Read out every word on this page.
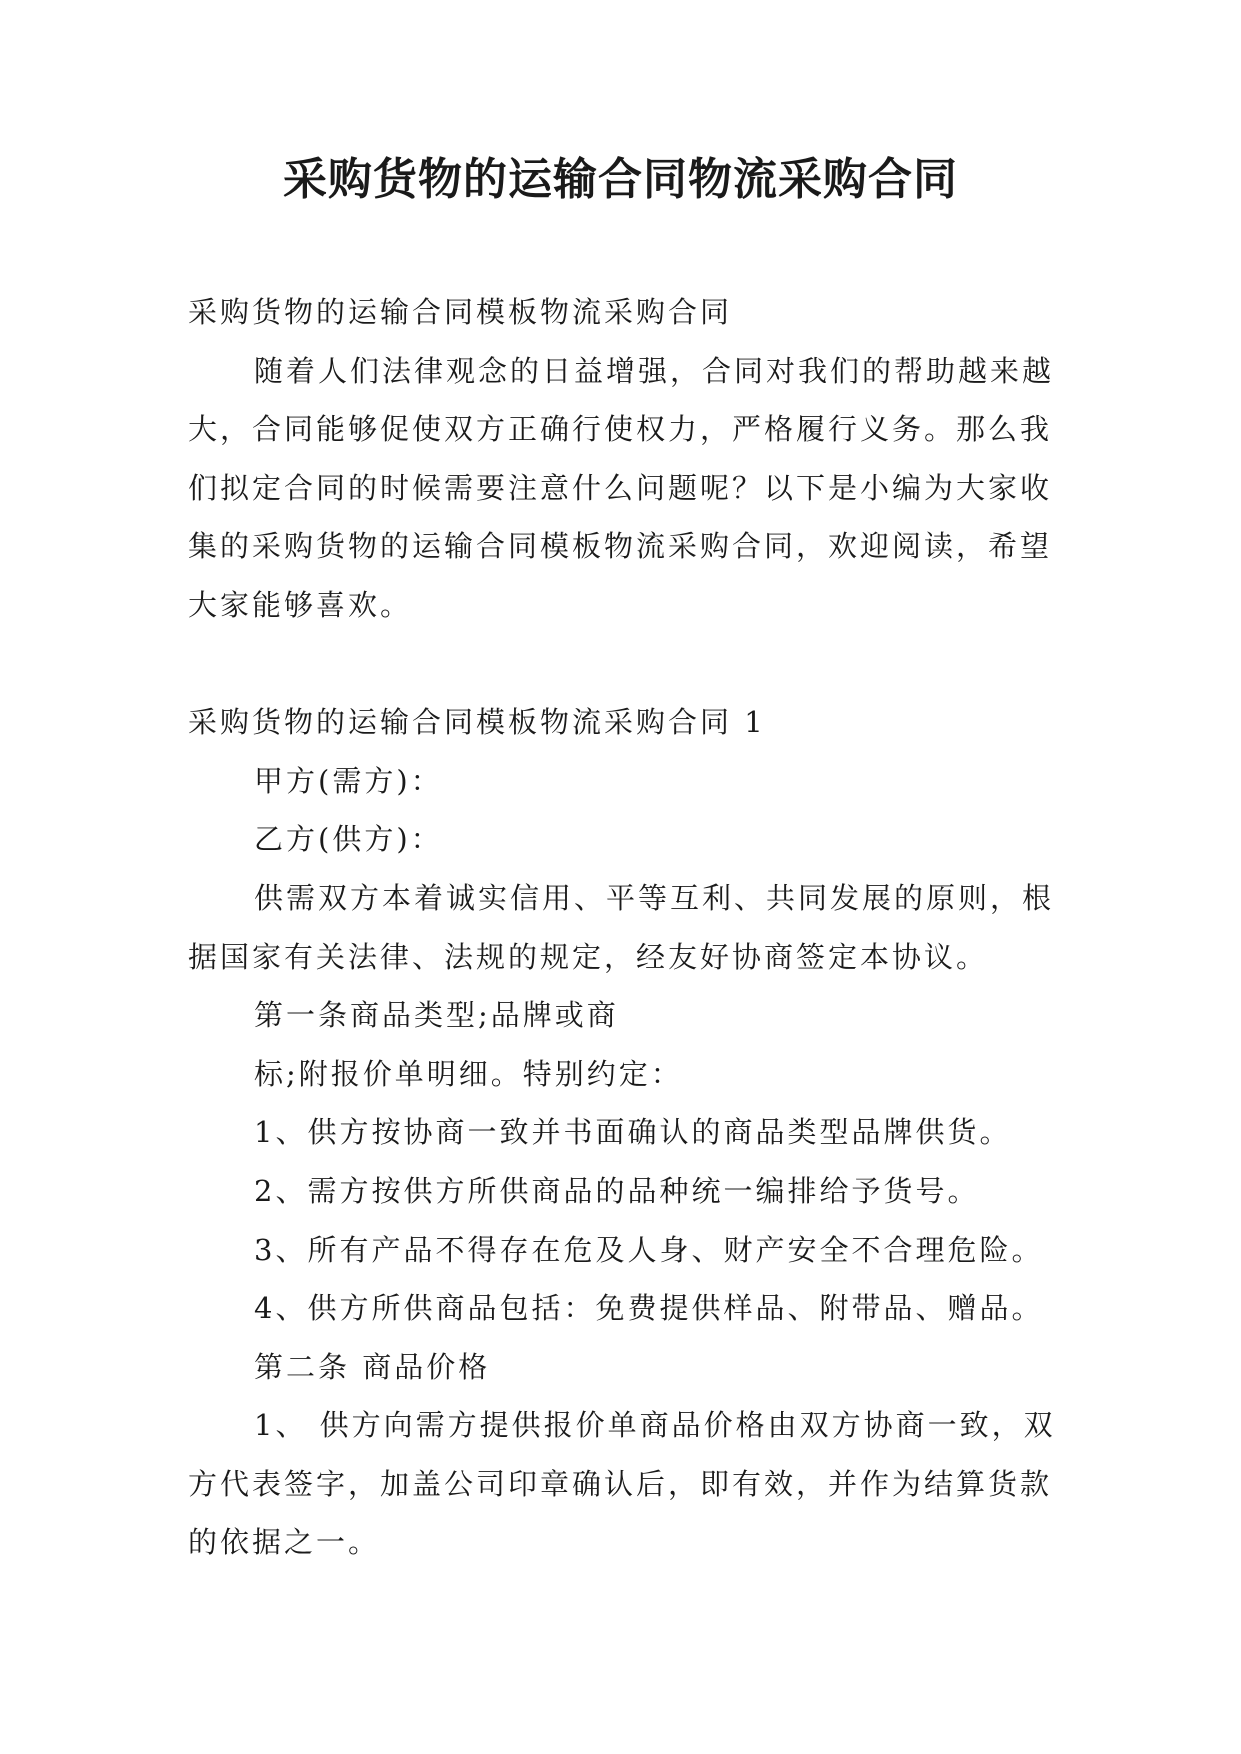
采购货物的运输合同物流采购合同

采购货物的运输合同模板物流采购合同

随着人们法律观念的日益增强，合同对我们的帮助越来越大，合同能够促使双方正确行使权力，严格履行义务。那么我们拟定合同的时候需要注意什么问题呢？以下是小编为大家收集的采购货物的运输合同模板物流采购合同，欢迎阅读，希望大家能够喜欢。

采购货物的运输合同模板物流采购合同 1

甲方(需方)：

乙方(供方)：

供需双方本着诚实信用、平等互利、共同发展的原则，根据国家有关法律、法规的规定，经友好协商签定本协议。

第一条商品类型;品牌或商

标;附报价单明细。特别约定：

1、供方按协商一致并书面确认的商品类型品牌供货。

2、需方按供方所供商品的品种统一编排给予货号。

3、所有产品不得存在危及人身、财产安全不合理危险。

4、供方所供商品包括：免费提供样品、附带品、赠品。

第二条 商品价格

1、 供方向需方提供报价单商品价格由双方协商一致，双方代表签字，加盖公司印章确认后，即有效，并作为结算货款的依据之一。
